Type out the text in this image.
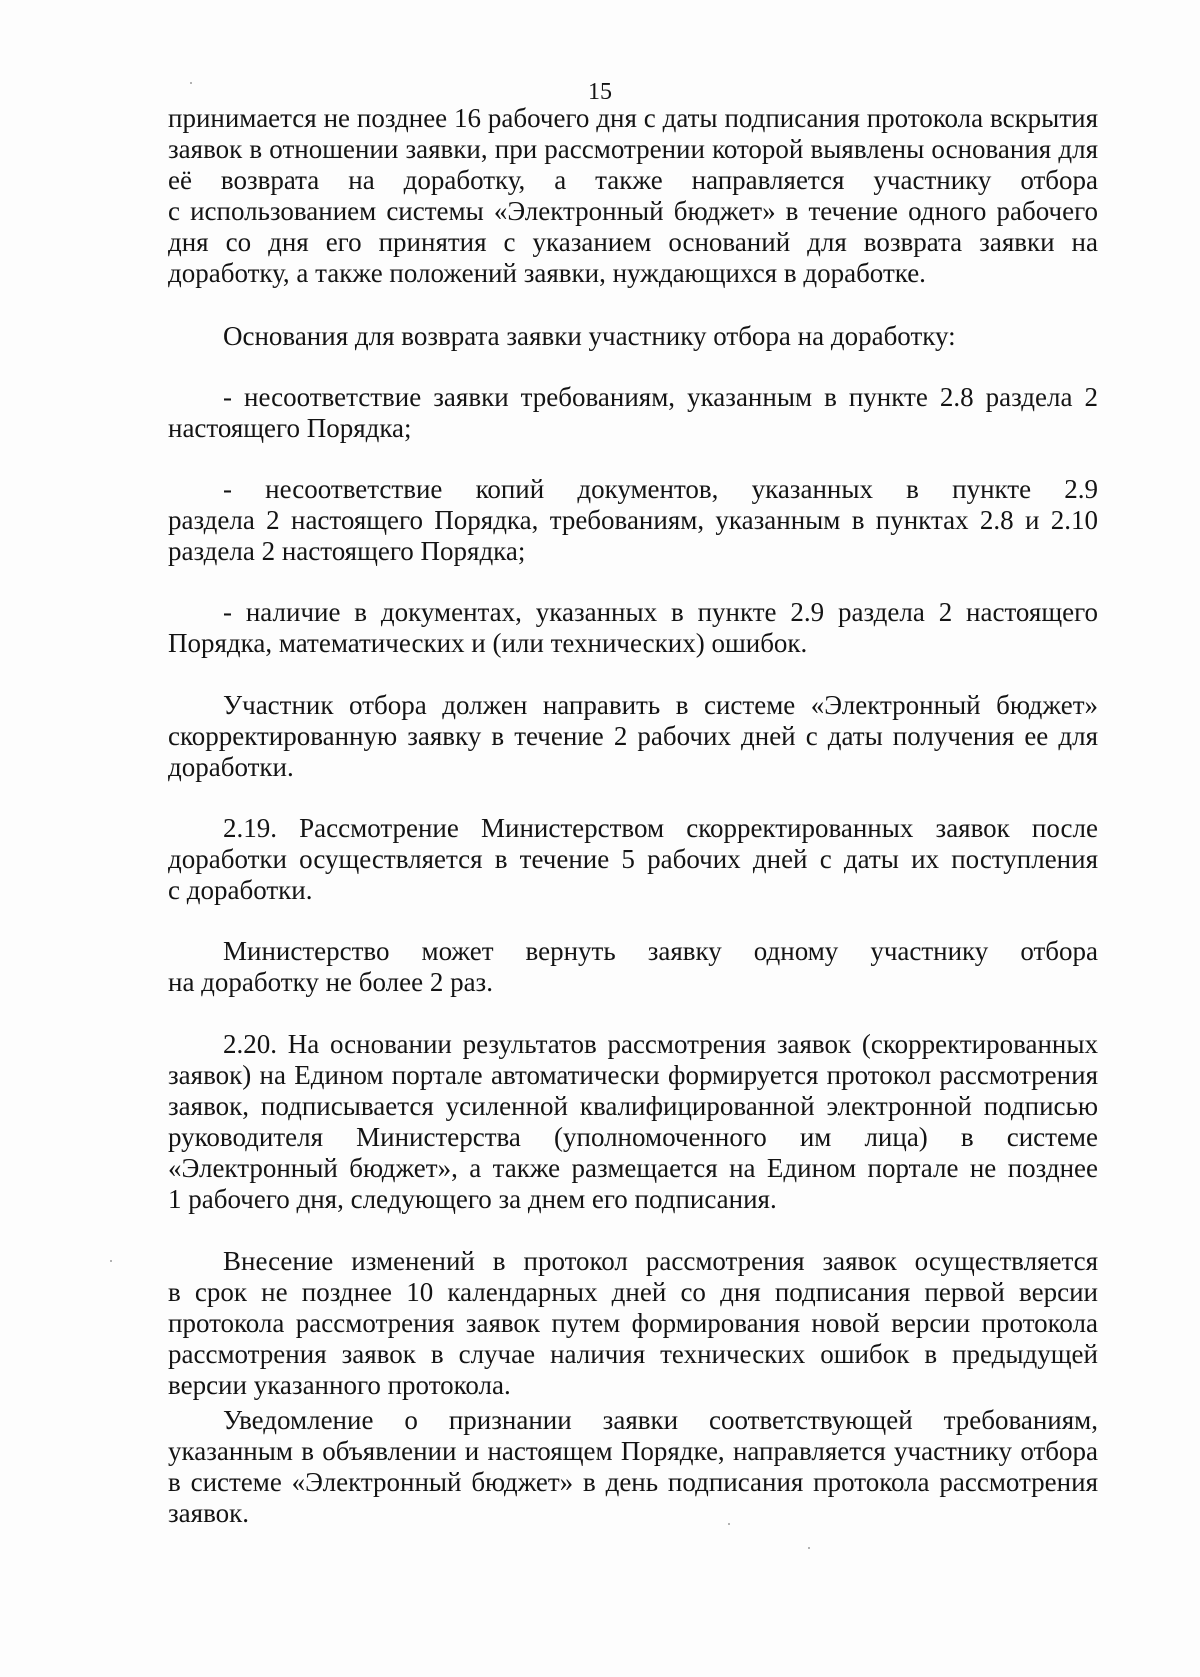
15
принимается не позднее 16 рабочего дня с даты подписания протокола вскрытия
заявок в отношении заявки, при рассмотрении которой выявлены основания для
её возврата на доработку, а также направляется участнику отбора
с использованием системы «Электронный бюджет» в течение одного рабочего
дня со дня его принятия с указанием оснований для возврата заявки на
доработку, а также положений заявки, нуждающихся в доработке.
Основания для возврата заявки участнику отбора на доработку:
- несоответствие заявки требованиям, указанным в пункте 2.8 раздела 2
настоящего Порядка;
- несоответствие копий документов, указанных в пункте 2.9
раздела 2 настоящего Порядка, требованиям, указанным в пунктах 2.8 и 2.10
раздела 2 настоящего Порядка;
- наличие в документах, указанных в пункте 2.9 раздела 2 настоящего
Порядка, математических и (или технических) ошибок.
Участник отбора должен направить в системе «Электронный бюджет»
скорректированную заявку в течение 2 рабочих дней с даты получения ее для
доработки.
2.19. Рассмотрение Министерством скорректированных заявок после
доработки осуществляется в течение 5 рабочих дней с даты их поступления
с доработки.
Министерство может вернуть заявку одному участнику отбора
на доработку не более 2 раз.
2.20. На основании результатов рассмотрения заявок (скорректированных
заявок) на Едином портале автоматически формируется протокол рассмотрения
заявок, подписывается усиленной квалифицированной электронной подписью
руководителя Министерства (уполномоченного им лица) в системе
«Электронный бюджет», а также размещается на Едином портале не позднее
1 рабочего дня, следующего за днем его подписания.
Внесение изменений в протокол рассмотрения заявок осуществляется
в срок не позднее 10 календарных дней со дня подписания первой версии
протокола рассмотрения заявок путем формирования новой версии протокола
рассмотрения заявок в случае наличия технических ошибок в предыдущей
версии указанного протокола.
Уведомление о признании заявки соответствующей требованиям,
указанным в объявлении и настоящем Порядке, направляется участнику отбора
в системе «Электронный бюджет» в день подписания протокола рассмотрения
заявок.
